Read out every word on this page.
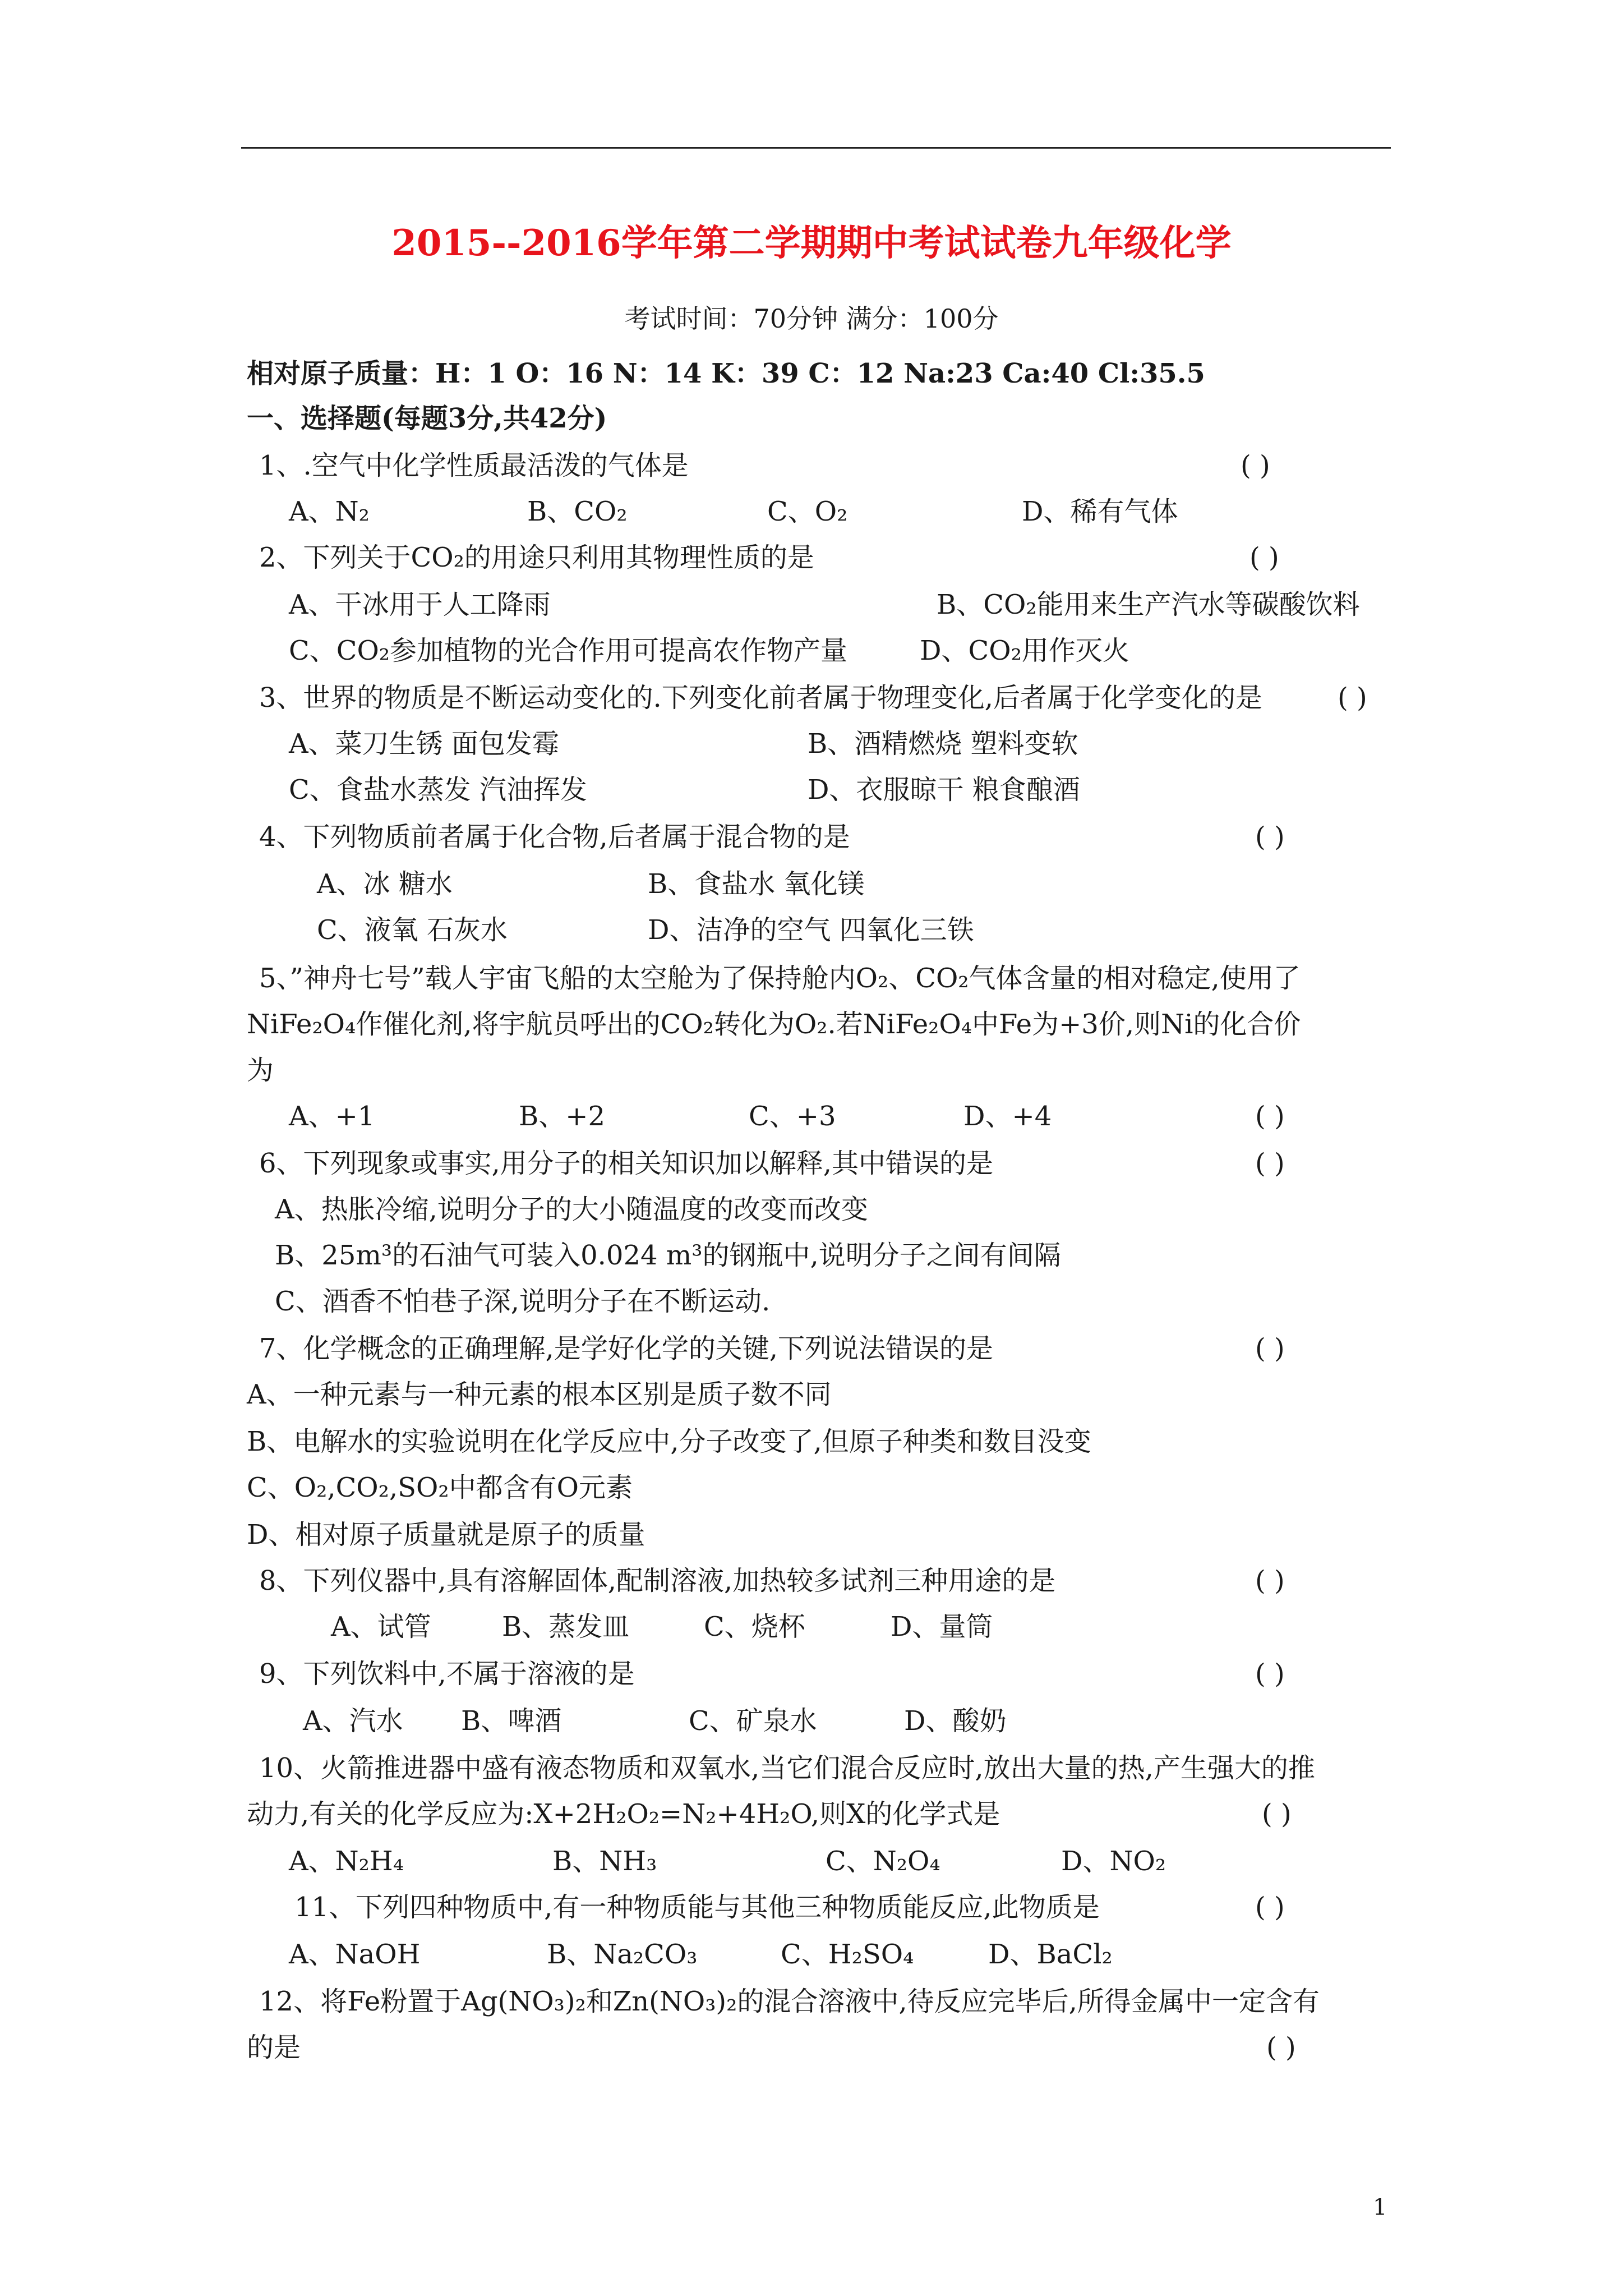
2015--2016学年第二学期期中考试试卷九年级化学
考试时间：70分钟 满分：100分
相对原子质量：H：1 O：16 N：14 K：39 C：12 Na:23 Ca:40 Cl:35.5
一、选择题(每题3分,共42分)
1、.空气中化学性质最活泼的气体是	( )
A、N₂	B、CO₂	C、O₂	D、稀有气体
2、下列关于CO₂的用途只利用其物理性质的是	( )
A、干冰用于人工降雨	B、CO₂能用来生产汽水等碳酸饮料
C、CO₂参加植物的光合作用可提高农作物产量	D、CO₂用作灭火
3、世界的物质是不断运动变化的.下列变化前者属于物理变化,后者属于化学变化的是	( )
A、菜刀生锈 面包发霉	B、酒精燃烧 塑料变软
C、食盐水蒸发 汽油挥发	D、衣服晾干 粮食酿酒
4、下列物质前者属于化合物,后者属于混合物的是	( )
A、冰 糖水	B、食盐水 氧化镁
C、液氧 石灰水	D、洁净的空气 四氧化三铁
5、”神舟七号”载人宇宙飞船的太空舱为了保持舱内O₂、CO₂气体含量的相对稳定,使用了
NiFe₂O₄作催化剂,将宇航员呼出的CO₂转化为O₂.若NiFe₂O₄中Fe为+3价,则Ni的化合价
为
A、+1	B、+2	C、+3	D、+4	( )
6、下列现象或事实,用分子的相关知识加以解释,其中错误的是	( )
A、热胀冷缩,说明分子的大小随温度的改变而改变
B、25m³的石油气可装入0.024 m³的钢瓶中,说明分子之间有间隔
C、酒香不怕巷子深,说明分子在不断运动.
7、化学概念的正确理解,是学好化学的关键,下列说法错误的是	( )
A、一种元素与一种元素的根本区别是质子数不同
B、电解水的实验说明在化学反应中,分子改变了,但原子种类和数目没变
C、O₂,CO₂,SO₂中都含有O元素
D、相对原子质量就是原子的质量
8、下列仪器中,具有溶解固体,配制溶液,加热较多试剂三种用途的是	( )
A、试管	B、蒸发皿	C、烧杯	D、量筒
9、下列饮料中,不属于溶液的是	( )
A、汽水 B、啤酒	C、矿泉水	D、酸奶
10、火箭推进器中盛有液态物质和双氧水,当它们混合反应时,放出大量的热,产生强大的推
动力,有关的化学反应为:X+2H₂O₂=N₂+4H₂O,则X的化学式是	( )
A、N₂H₄	B、NH₃	C、N₂O₄	D、NO₂
11、下列四种物质中,有一种物质能与其他三种物质能反应,此物质是	( )
A、NaOH	B、Na₂CO₃	C、H₂SO₄	D、BaCl₂
12、将Fe粉置于Ag(NO₃)₂和Zn(NO₃)₂的混合溶液中,待反应完毕后,所得金属中一定含有
的是	( )
1
